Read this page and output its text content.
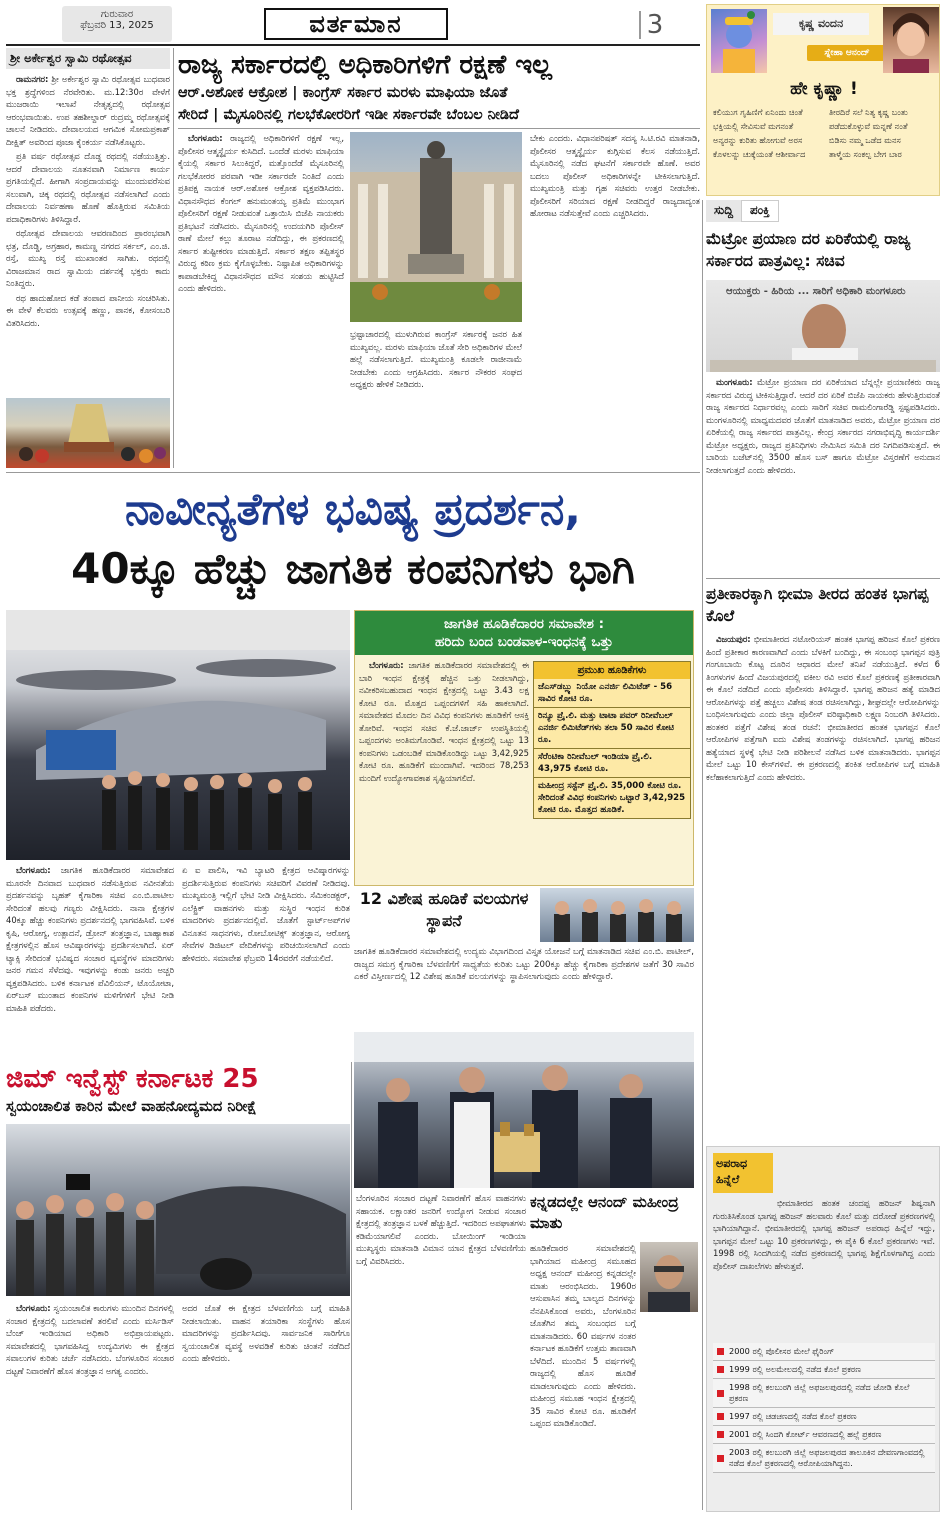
ಗುರುವಾರ
ಫೆಬ್ರವರಿ 13, 2025	ವರ್ತಮಾನ	3	ಕೃಷ್ಣ ವಂದನ
ಸ್ನೇಹಾ ಆನಂದ್
ಹೇ ಕೃಷ್ಣಾ !
ಕಲಿಯುಗ ಗೃಹಿಣಿಗೆ ಏನಿಂದು ಚಿಂತೆ	ತೀರದಿರೆ ಸಲೆ ನಿತ್ಯ ಕೃಷ್ಣ ಬಂತು
ಭಕ್ತಿಯಲ್ಲಿ ಸೇವಿಸುವೆ ಮಗನಂತೆ	ಪಡೆದುಕೊಳ್ಳುವೆ ಮನ್ನಣೆ ನಂತೆ
ಅನ್ಯರನ್ನು ಕುರಿತು ಹೋಗುವೆ ಅರಸ	ಬಿಡಿಸು ನಮ್ಮ ಒಡೆದ ಮನಸ
ಕೊಳಲನ್ನು ಚುಕ್ಕೆಯಂತೆ ಆಶೀರ್ವಾದ	ತಾಳ್ಮೆಯ ಸಂಕಲ್ಪ ಬೇಗ ಬಾರ
ಶ್ರೀ ಅರ್ಕೇಶ್ವರ ಸ್ವಾಮಿ ರಥೋತ್ಸವ

ರಾಮನಗರ: ಶ್ರೀ ಅರ್ಕೇಶ್ವರ ಸ್ವಾಮಿ ರಥೋತ್ಸವ ಬುಧವಾರ ಭಕ್ತ ಶ್ರದ್ಧೆಗಳಿಂದ ನೆರವೇರಿತು. ಮ.12:30ರ ವೇಳೆಗೆ ಮುಜರಾಯಿ ಇಲಾಖೆ ನೇತೃತ್ವದಲ್ಲಿ ರಥೋತ್ಸವ ಆರಂಭವಾಯಿತು. ಉಪ ತಹಶೀಲ್ದಾರ್ ರುದ್ರಮ್ಮ ರಥೋತ್ಸವಕ್ಕೆ ಚಾಲನೆ ನೀಡಿದರು. ದೇವಾಲಯದ ಆಗಮಿಕ ಸೋಮಪ್ರಕಾಶ್ ದೀಕ್ಷಿತ್ ಅವರಿಂದ ಪೂಜಾ ಕೈಂಕರ್ಯ ನಡೆಸಿಕೊಟ್ಟರು.

ಪ್ರತಿ ವರ್ಷ ರಥೋತ್ಸವ ದೊಡ್ಡ ರಥದಲ್ಲಿ ನಡೆಯುತ್ತಿತ್ತು. ಆದರೆ ದೇವಾಲಯ ನೂತನವಾಗಿ ನಿರ್ಮಾಣ ಕಾರ್ಯ ಪ್ರಗತಿಯಲ್ಲಿದೆ. ಹೀಗಾಗಿ ಸಂಪ್ರದಾಯವನ್ನು ಮುಂದುವರೆಸುವ ಸಲುವಾಗಿ, ಚಿಕ್ಕ ರಥದಲ್ಲಿ ರಥೋತ್ಸವ ನಡೆಸಲಾಗಿದೆ ಎಂದು ದೇವಾಲಯ ನಿರ್ವಹಣಾ ಹೊಣೆ ಹೊತ್ತಿರುವ ಸಮಿತಿಯ ಪದಾಧಿಕಾರಿಗಳು ತಿಳಿಸಿದ್ದಾರೆ.

ರಥೋತ್ಸವ ದೇವಾಲಯ ಆವರಣದಿಂದ ಪ್ರಾರಂಭವಾಗಿ ಛತ್ರ, ದೊಡ್ಡಿ, ಅಗ್ರಹಾರ, ಕಾಮಣ್ಣ ನಗರದ ಸರ್ಕಲ್, ಎಂ.ಜಿ. ರಸ್ತೆ, ಮುಖ್ಯ ರಸ್ತೆ ಮುಖಾಂತರ ಸಾಗಿತು. ರಥದಲ್ಲಿ ವಿರಾಜಮಾನ ರಾದ ಸ್ವಾಮಿಯ ದರ್ಶನಕ್ಕೆ ಭಕ್ತರು ಕಾದು ನಿಂತಿದ್ದರು.

ರಥ ಹಾದುಹೋದ ಕಡೆ ತಂಪಾದ ಪಾನೀಯ ಸಂಚರಿಸಿತು. ಈ ವೇಳೆ ಕೆಲವರು ಉತ್ಸವಕ್ಕೆ ಹಣ್ಣು, ಪಾನಕ, ಕೋಸಂಬರಿ ವಿತರಿಸಿದರು.

ರಾಜ್ಯ ಸರ್ಕಾರದಲ್ಲಿ ಅಧಿಕಾರಿಗಳಿಗೆ ರಕ್ಷಣೆ ಇಲ್ಲ
ಆರ್.ಅಶೋಕ ಆಕ್ರೋಶ | ಕಾಂಗ್ರೆಸ್ ಸರ್ಕಾರ ಮರಳು ಮಾಫಿಯಾ ಜೊತೆ
ಸೇರಿದೆ | ಮೈಸೂರಿನಲ್ಲಿ ಗಲಭೆಕೋರರಿಗೆ ಇಡೀ ಸರ್ಕಾರವೇ ಬೆಂಬಲ ನೀಡಿದೆ

ಬೆಂಗಳೂರು: ರಾಜ್ಯದಲ್ಲಿ ಅಧಿಕಾರಿಗಳಿಗೆ ರಕ್ಷಣೆ ಇಲ್ಲ, ಪೊಲೀಸರ ಆತ್ಮಸ್ಥೈರ್ಯ ಕುಸಿದಿದೆ. ಒಂದೆಡೆ ಮರಳು ಮಾಫಿಯಾ ಕೈಯಲ್ಲಿ ಸರ್ಕಾರ ಸಿಲುಕಿದ್ದರೆ, ಮತ್ತೊಂದೆಡೆ ಮೈಸೂರಿನಲ್ಲಿ ಗಲಭೆಕೋರರ ಪರವಾಗಿ ಇಡೀ ಸರ್ಕಾರವೇ ನಿಂತಿದೆ ಎಂದು ಪ್ರತಿಪಕ್ಷ ನಾಯಕ ಆರ್.ಅಶೋಕ ಆಕ್ರೋಶ ವ್ಯಕ್ತಪಡಿಸಿದರು. ವಿಧಾನಸೌಧದ ಕೆಂಗಲ್ ಹನುಮಂತಯ್ಯ ಪ್ರತಿಮೆ ಮುಂಭಾಗ ಪೊಲೀಸರಿಗೆ ರಕ್ಷಣೆ ನೀಡುವಂತೆ ಒತ್ತಾಯಿಸಿ ಬಿಜೆಪಿ ನಾಯಕರು ಪ್ರತಿಭಟನೆ ನಡೆಸಿದರು. ಮೈಸೂರಿನಲ್ಲಿ ಉದಯಗಿರಿ ಪೊಲೀಸ್ ಠಾಣೆ ಮೇಲೆ ಕಲ್ಲು ತೂರಾಟ ನಡೆದಿದ್ದು, ಈ ಪ್ರಕರಣದಲ್ಲಿ ಸರ್ಕಾರ ತುಷ್ಟೀಕರಣ ಮಾಡುತ್ತಿದೆ. ಸರ್ಕಾರ ತಕ್ಷಣ ತಪ್ಪಿತಸ್ಥರ ವಿರುದ್ಧ ಕಠಿಣ ಕ್ರಮ ಕೈಗೊಳ್ಳಬೇಕು. ನಿಷ್ಪಾಪಿತ ಅಧಿಕಾರಿಗಳನ್ನು ಕಾಪಾಡಬೇಕಿದ್ದ ವಿಧಾನಸೌಧದ ಮೌನ ಸಂಶಯ ಹುಟ್ಟಿಸಿದೆ ಎಂದು ಹೇಳಿದರು.

ಬೇಕು ಎಂದರು. ವಿಧಾನಪರಿಷತ್ ಸದಸ್ಯ ಸಿ.ಟಿ.ರವಿ ಮಾತನಾಡಿ, ಪೊಲೀಸರ ಆತ್ಮಸ್ಥೈರ್ಯ ಕುಗ್ಗಿಸುವ ಕೆಲಸ ನಡೆಯುತ್ತಿದೆ. ಮೈಸೂರಿನಲ್ಲಿ ನಡೆದ ಘಟನೆಗೆ ಸರ್ಕಾರವೇ ಹೊಣೆ. ಅವರ ಬದಲು ಪೊಲೀಸ್ ಅಧಿಕಾರಿಗಳನ್ನೇ ಟೀಕಿಸಲಾಗುತ್ತಿದೆ. ಮುಖ್ಯಮಂತ್ರಿ ಮತ್ತು ಗೃಹ ಸಚಿವರು ಉತ್ತರ ನೀಡಬೇಕು. ಪೊಲೀಸರಿಗೆ ಸರಿಯಾದ ರಕ್ಷಣೆ ನೀಡದಿದ್ದರೆ ರಾಜ್ಯದಾದ್ಯಂತ ಹೋರಾಟ ನಡೆಸುತ್ತೇವೆ ಎಂದು ಎಚ್ಚರಿಸಿದರು.
ಭ್ರಷ್ಟಾಚಾರದಲ್ಲಿ ಮುಳುಗಿರುವ ಕಾಂಗ್ರೆಸ್ ಸರ್ಕಾರಕ್ಕೆ ಜನರ ಹಿತ ಮುಖ್ಯವಲ್ಲ. ಮರಳು ಮಾಫಿಯಾ ಜೊತೆ ಸೇರಿ ಅಧಿಕಾರಿಗಳ ಮೇಲೆ ಹಲ್ಲೆ ನಡೆಸಲಾಗುತ್ತಿದೆ. ಮುಖ್ಯಮಂತ್ರಿ ಕೂಡಲೇ ರಾಜೀನಾಮೆ ನೀಡಬೇಕು ಎಂದು ಆಗ್ರಹಿಸಿದರು. ಸರ್ಕಾರ ನೌಕರರ ಸಂಘದ ಅಧ್ಯಕ್ಷರು ಹೇಳಿಕೆ ನೀಡಿದರು.
ಸುದ್ದಿ	ಪಂಕ್ತಿ
ಮೆಟ್ರೋ ಪ್ರಯಾಣ ದರ ಏರಿಕೆಯಲ್ಲಿ ರಾಜ್ಯ ಸರ್ಕಾರದ ಪಾತ್ರವಿಲ್ಲ: ಸಚಿವ
ಆಯುಕ್ತರು - ಹಿರಿಯ ... ಸಾರಿಗೆ ಅಧಿಕಾರಿ ಮಂಗಳೂರು

ಮಂಗಳೂರು: ಮೆಟ್ರೋ ಪ್ರಯಾಣ ದರ ಏರಿಕೆಯಾದ ಬೆನ್ನಲ್ಲೇ ಪ್ರಯಾಣಿಕರು ರಾಜ್ಯ ಸರ್ಕಾರದ ವಿರುದ್ಧ ಟೀಕಿಸುತ್ತಿದ್ದಾರೆ. ಆದರೆ ದರ ಏರಿಕೆ ಬಿಜೆಪಿ ನಾಯಕರು ಹೇಳುತ್ತಿರುವಂತೆ ರಾಜ್ಯ ಸರ್ಕಾರದ ನಿರ್ಧಾರವಲ್ಲ ಎಂದು ಸಾರಿಗೆ ಸಚಿವ ರಾಮಲಿಂಗಾರೆಡ್ಡಿ ಸ್ಪಷ್ಟಪಡಿಸಿದರು. ಮಂಗಳೂರಿನಲ್ಲಿ ಮಾಧ್ಯಮದವರ ಜೊತೆಗೆ ಮಾತನಾಡಿದ ಅವರು, ಮೆಟ್ರೋ ಪ್ರಯಾಣ ದರ ಏರಿಕೆಯಲ್ಲಿ ರಾಜ್ಯ ಸರ್ಕಾರದ ಪಾತ್ರವಿಲ್ಲ. ಕೇಂದ್ರ ಸರ್ಕಾರದ ನಗರಾಭಿವೃದ್ಧಿ ಕಾರ್ಯದರ್ಶಿ ಮೆಟ್ರೋ ಅಧ್ಯಕ್ಷರು, ರಾಜ್ಯದ ಪ್ರತಿನಿಧಿಗಳು ನೇಮಿಸಿದ ಸಮಿತಿ ದರ ನಿಗದಿಪಡಿಸುತ್ತದೆ. ಈ ಬಾರಿಯ ಬಜೆಟ್‌ನಲ್ಲಿ 3500 ಹೊಸ ಬಸ್ ಹಾಗೂ ಮೆಟ್ರೋ ವಿಸ್ತರಣೆಗೆ ಅನುದಾನ ನೀಡಲಾಗುತ್ತದೆ ಎಂದು ಹೇಳಿದರು.

ನಾವೀನ್ಯತೆಗಳ ಭವಿಷ್ಯ ಪ್ರದರ್ಶನ,
40ಕ್ಕೂ ಹೆಚ್ಚು ಜಾಗತಿಕ ಕಂಪನಿಗಳು ಭಾಗಿ
ಜಾಗತಿಕ ಹೂಡಿಕೆದಾರರ ಸಮಾವೇಶ :
ಹರಿದು ಬಂದ ಬಂಡವಾಳ-ಇಂಧನಕ್ಕೆ ಒತ್ತು

ಬೆಂಗಳೂರು: ಜಾಗತಿಕ ಹೂಡಿಕೆದಾರರ ಸಮಾವೇಶದಲ್ಲಿ ಈ ಬಾರಿ ಇಂಧನ ಕ್ಷೇತ್ರಕ್ಕೆ ಹೆಚ್ಚಿನ ಒತ್ತು ನೀಡಲಾಗಿದ್ದು, ನವೀಕರಿಸಬಹುದಾದ ಇಂಧನ ಕ್ಷೇತ್ರದಲ್ಲಿ ಒಟ್ಟು 3.43 ಲಕ್ಷ ಕೋಟಿ ರೂ. ಮೊತ್ತದ ಒಪ್ಪಂದಗಳಿಗೆ ಸಹಿ ಹಾಕಲಾಗಿದೆ. ಸಮಾವೇಶದ ಮೊದಲ ದಿನ ವಿವಿಧ ಕಂಪನಿಗಳು ಹೂಡಿಕೆಗೆ ಆಸಕ್ತಿ ತೋರಿವೆ. ಇಂಧನ ಸಚಿವ ಕೆ.ಜೆ.ಜಾರ್ಜ್ ಉಪಸ್ಥಿತಿಯಲ್ಲಿ ಒಪ್ಪಂದಗಳು ಅಂತಿಮಗೊಂಡಿವೆ. ಇಂಧನ ಕ್ಷೇತ್ರದಲ್ಲಿ ಒಟ್ಟು 13 ಕಂಪನಿಗಳು ಒಡಂಬಡಿಕೆ ಮಾಡಿಕೊಂಡಿದ್ದು ಒಟ್ಟು 3,42,925 ಕೋಟಿ ರೂ. ಹೂಡಿಕೆಗೆ ಮುಂದಾಗಿವೆ. ಇದರಿಂದ 78,253 ಮಂದಿಗೆ ಉದ್ಯೋಗಾವಕಾಶ ಸೃಷ್ಟಿಯಾಗಲಿದೆ.

ಪ್ರಮುಖ ಹೂಡಿಕೆಗಳು
ಜೆಎಸ್‌ಡಬ್ಲ್ಯು ನಿಯೋ ಎನರ್ಜಿ ಲಿಮಿಟೆಡ್ - 56 ಸಾವಿರ ಕೋಟಿ ರೂ.
ರಿನ್ಯೂ ಪ್ರೈ.ಲಿ. ಮತ್ತು ಟಾಟಾ ಪವರ್ ರಿನೀವೆಬಲ್ ಎನರ್ಜಿ ಲಿಮಿಟೆಡ್‌ಗಳು ತಲಾ 50 ಸಾವಿರ ಕೋಟಿ ರೂ.
ಸೆರೆಂಟಿಕಾ ರಿನೀವೆಬಲ್ ಇಂಡಿಯಾ ಪ್ರೈ.ಲಿ. 43,975 ಕೋಟಿ ರೂ.
ಮಹೀಂದ್ರ ಸಸ್ಟೆನ್ ಪ್ರೈ.ಲಿ. 35,000 ಕೋಟಿ ರೂ. ಸೇರಿದಂತೆ ವಿವಿಧ ಕಂಪನಿಗಳು ಒಟ್ಟಾರೆ 3,42,925 ಕೋಟಿ ರೂ. ಮೊತ್ತದ ಹೂಡಿಕೆ.

ಬೆಂಗಳೂರು: ಜಾಗತಿಕ ಹೂಡಿಕೆದಾರರ ಸಮಾವೇಶದ ಮೂರನೇ ದಿನವಾದ ಬುಧವಾರ ನಡೆಸುತ್ತಿರುವ ನವೀನತೆಯ ಪ್ರದರ್ಶನವನ್ನು ಬೃಹತ್ ಕೈಗಾರಿಕಾ ಸಚಿವ ಎಂ.ಬಿ.ಪಾಟೀಲ ಸೇರಿದಂತೆ ಹಲವು ಗಣ್ಯರು ವೀಕ್ಷಿಸಿದರು. ನಾನಾ ಕ್ಷೇತ್ರಗಳ 40ಕ್ಕೂ ಹೆಚ್ಚು ಕಂಪನಿಗಳು ಪ್ರದರ್ಶನದಲ್ಲಿ ಭಾಗವಹಿಸಿವೆ. ಬಳಿಕ ಕೃಷಿ, ಆರೋಗ್ಯ, ಉತ್ಪಾದನೆ, ಡ್ರೋನ್ ತಂತ್ರಜ್ಞಾನ, ಬಾಹ್ಯಾಕಾಶ ಕ್ಷೇತ್ರಗಳಲ್ಲಿನ ಹೊಸ ಆವಿಷ್ಕಾರಗಳನ್ನು ಪ್ರದರ್ಶಿಸಲಾಗಿದೆ. ಏರ್ ಟ್ಯಾಕ್ಸಿ ಸೇರಿದಂತೆ ಭವಿಷ್ಯದ ಸಂಚಾರ ವ್ಯವಸ್ಥೆಗಳ ಮಾದರಿಗಳು ಜನರ ಗಮನ ಸೆಳೆದವು. ಇವುಗಳನ್ನು ಕಂಡು ಜನರು ಅಚ್ಚರಿ ವ್ಯಕ್ತಪಡಿಸಿದರು. ಬಳಿಕ ಕರ್ನಾಟಕ ಪೆವಿಲಿಯನ್, ಟೊಯೋಟಾ, ಏರ್‌ಬಸ್ ಮುಂತಾದ ಕಂಪನಿಗಳ ಮಳಿಗೆಗಳಿಗೆ ಭೇಟಿ ನೀಡಿ ಮಾಹಿತಿ ಪಡೆದರು.

ಏ ಐ ಪಾಲಿಸಿ, ಇವಿ ಬ್ಯಾಟರಿ ಕ್ಷೇತ್ರದ ಆವಿಷ್ಕಾರಗಳನ್ನು ಪ್ರದರ್ಶಿಸುತ್ತಿರುವ ಕಂಪನಿಗಳು ಸಚಿವರಿಗೆ ವಿವರಣೆ ನೀಡಿದವು. ಮುಖ್ಯಮಂತ್ರಿ ಇಲ್ಲಿಗೆ ಭೇಟಿ ನೀಡಿ ವೀಕ್ಷಿಸಿದರು. ಸೆಮಿಕಂಡಕ್ಟರ್, ಎಲೆಕ್ಟ್ರಿಕ್ ವಾಹನಗಳು ಮತ್ತು ಸುಸ್ಥಿರ ಇಂಧನ ಕುರಿತ ಮಾದರಿಗಳು ಪ್ರದರ್ಶನದಲ್ಲಿವೆ. ಜೊತೆಗೆ ಸ್ಟಾರ್ಟ್‌ಅಪ್‌ಗಳ ವಿನೂತನ ಸಾಧನಗಳು, ರೋಬೋಟಿಕ್ಸ್ ತಂತ್ರಜ್ಞಾನ, ಆರೋಗ್ಯ ಸೇವೆಗಳ ಡಿಜಿಟಲ್ ವೇದಿಕೆಗಳನ್ನು ಪರಿಚಯಿಸಲಾಗಿದೆ ಎಂದು ಹೇಳಿದರು. ಸಮಾವೇಶ ಫೆಬ್ರವರಿ 14ರವರೆಗೆ ನಡೆಯಲಿದೆ.
12 ವಿಶೇಷ ಹೂಡಿಕೆ ವಲಯಗಳ ಸ್ಥಾಪನೆ
ಜಾಗತಿಕ ಹೂಡಿಕೆದಾರರ ಸಮಾವೇಶದಲ್ಲಿ ಉದ್ಯಮ ವಿಭಾಗದಿಂದ ವಿಸ್ತೃತ ಯೋಜನೆ ಬಗ್ಗೆ ಮಾತನಾಡಿದ ಸಚಿವ ಎಂ.ಬಿ. ಪಾಟೀಲ್, ರಾಜ್ಯದ ಸಮಗ್ರ ಕೈಗಾರಿಕಾ ಬೆಳವಣಿಗೆಗೆ ಸಾಧ್ಯತೆಯ ಕುರಿತು ಒಟ್ಟು 200ಕ್ಕೂ ಹೆಚ್ಚು ಕೈಗಾರಿಕಾ ಪ್ರದೇಶಗಳ ಜತೆಗೆ 30 ಸಾವಿರ ಎಕರೆ ವಿಸ್ತೀರ್ಣದಲ್ಲಿ 12 ವಿಶೇಷ ಹೂಡಿಕೆ ವಲಯಗಳನ್ನು ಸ್ಥಾಪಿಸಲಾಗುವುದು ಎಂದು ಹೇಳಿದ್ದಾರೆ.
ಪ್ರತೀಕಾರಕ್ಕಾಗಿ ಭೀಮಾ ತೀರದ ಹಂತಕ ಭಾಗಪ್ಪ ಕೊಲೆ

ವಿಜಯಪುರ: ಭೀಮಾತೀರದ ನಟೋರಿಯಸ್ ಹಂತಕ ಭಾಗಪ್ಪ ಹರಿಜನ ಕೊಲೆ ಪ್ರಕರಣ ಹಿಂದೆ ಪ್ರತೀಕಾರ ಕಾರಣವಾಗಿದೆ ಎಂದು ಬೆಳಕಿಗೆ ಬಂದಿದ್ದು, ಈ ಸಂಬಂಧ ಭಾಗಪ್ಪನ ಪುತ್ರಿ ಗಂಗೂಬಾಯಿ ಕೊಟ್ಟ ದೂರಿನ ಆಧಾರದ ಮೇಲೆ ತನಿಖೆ ನಡೆಯುತ್ತಿದೆ. ಕಳೆದ 6 ತಿಂಗಳುಗಳ ಹಿಂದೆ ವಿಜಯಪುರದಲ್ಲಿ ವಕೀಲ ರವಿ ಅವರ ಕೊಲೆ ಪ್ರಕರಣಕ್ಕೆ ಪ್ರತೀಕಾರವಾಗಿ ಈ ಕೊಲೆ ನಡೆದಿದೆ ಎಂದು ಪೊಲೀಸರು ತಿಳಿಸಿದ್ದಾರೆ. ಭಾಗಪ್ಪ ಹರಿಜನ ಹತ್ಯೆ ಮಾಡಿದ ಆರೋಪಿಗಳನ್ನು ಪತ್ತೆ ಹಚ್ಚಲು ವಿಶೇಷ ತಂಡ ರಚಿಸಲಾಗಿದ್ದು, ಶೀಘ್ರದಲ್ಲೇ ಆರೋಪಿಗಳನ್ನು ಬಂಧಿಸಲಾಗುವುದು ಎಂದು ಜಿಲ್ಲಾ ಪೊಲೀಸ್ ವರಿಷ್ಠಾಧಿಕಾರಿ ಲಕ್ಷ್ಮಣ ನಿಂಬರಗಿ ತಿಳಿಸಿದರು. ಹಂತಕರ ಪತ್ತೆಗೆ ವಿಶೇಷ ತಂಡ ರಚನೆ: ಭೀಮಾತೀರದ ಹಂತಕ ಭಾಗಪ್ಪನ ಕೊಲೆ ಆರೋಪಿಗಳ ಪತ್ತೆಗಾಗಿ ಐದು ವಿಶೇಷ ತಂಡಗಳನ್ನು ರಚಿಸಲಾಗಿದೆ. ಭಾಗಪ್ಪ ಹರಿಜನ ಹತ್ಯೆಯಾದ ಸ್ಥಳಕ್ಕೆ ಭೇಟಿ ನೀಡಿ ಪರಿಶೀಲನೆ ನಡೆಸಿದ ಬಳಿಕ ಮಾತನಾಡಿದರು. ಭಾಗಪ್ಪನ ಮೇಲೆ ಒಟ್ಟು 10 ಕೇಸ್‌ಗಳಿವೆ. ಈ ಪ್ರಕರಣದಲ್ಲಿ ಶಂಕಿತ ಆರೋಪಿಗಳ ಬಗ್ಗೆ ಮಾಹಿತಿ ಕಲೆಹಾಕಲಾಗುತ್ತಿದೆ ಎಂದು ಹೇಳಿದರು.

ಅಪರಾಧ
ಹಿನ್ನೆಲೆ
ಭೀಮಾತೀರದ ಹಂತಕ ಚಂದಪ್ಪ ಹರಿಜನ್ ಶಿಷ್ಯನಾಗಿ ಗುರುತಿಸಿಕೊಂಡ ಭಾಗಪ್ಪ ಹರಿಜನ್ ಹಲವಾರು ಕೊಲೆ ಮತ್ತು ದರೋಡೆ ಪ್ರಕರಣಗಳಲ್ಲಿ ಭಾಗಿಯಾಗಿದ್ದಾನೆ. ಭೀಮಾತೀರದಲ್ಲಿ ಭಾಗಪ್ಪ ಹರಿಜನ್ ಅಪರಾಧ ಹಿನ್ನೆಲೆ ಇದ್ದು, ಭಾಗಪ್ಪನ ಮೇಲೆ ಒಟ್ಟು 10 ಪ್ರಕರಣಗಳಿದ್ದು, ಈ ಪೈಕಿ 6 ಕೊಲೆ ಪ್ರಕರಣಗಳು ಇವೆ. 1998 ರಲ್ಲಿ ಸಿಂದಗಿಯಲ್ಲಿ ನಡೆದ ಪ್ರಕರಣದಲ್ಲಿ ಭಾಗಪ್ಪ ಶಿಕ್ಷೆಗೊಳಗಾಗಿದ್ದ ಎಂದು ಪೊಲೀಸ್ ದಾಖಲೆಗಳು ಹೇಳುತ್ತವೆ.
2000 ರಲ್ಲಿ ಪೊಲೀಸರ ಮೇಲೆ ಫೈರಿಂಗ್
1999 ರಲ್ಲಿ ಅಲಮೇಲದಲ್ಲಿ ನಡೆದ ಕೊಲೆ ಪ್ರಕರಣ
1998 ರಲ್ಲಿ ಕಲಬುರಗಿ ಜಿಲ್ಲೆ ಅಫಜಲಪುರದಲ್ಲಿ ನಡೆದ ಜೋಡಿ ಕೊಲೆ ಪ್ರಕರಣ
1997 ರಲ್ಲಿ ಚಡಚಣದಲ್ಲಿ ನಡೆದ ಕೊಲೆ ಪ್ರಕರಣ
2001 ರಲ್ಲಿ ಸಿಂದಗಿ ಕೋರ್ಟ್ ಆವರಣದಲ್ಲಿ ಹಲ್ಲೆ ಪ್ರಕರಣ
2003 ರಲ್ಲಿ ಕಲಬುರಗಿ ಜಿಲ್ಲೆ ಅಫಜಲಪುರದ ತಾಲೂಕಿನ ದೇವಣಗಾಂವದಲ್ಲಿ ನಡೆದ ಕೊಲೆ ಪ್ರಕರಣದಲ್ಲಿ ಆರೋಪಿಯಾಗಿದ್ದನು.
ಜಿಮ್ ಇನ್ವೆಸ್ಟ್ ಕರ್ನಾಟಕ 25
ಸ್ವಯಂಚಾಲಿತ ಕಾರಿನ ಮೇಲೆ ವಾಹನೋದ್ಯಮದ ನಿರೀಕ್ಷೆ

ಬೆಂಗಳೂರು: ಸ್ವಯಂಚಾಲಿತ ಕಾರುಗಳು ಮುಂದಿನ ದಿನಗಳಲ್ಲಿ ಸಂಚಾರ ಕ್ಷೇತ್ರದಲ್ಲಿ ಬದಲಾವಣೆ ತರಲಿವೆ ಎಂದು ಮರ್ಸಿಡಿಸ್ ಬೆಂಜ್ ಇಂಡಿಯಾದ ಅಧಿಕಾರಿ ಅಭಿಪ್ರಾಯಪಟ್ಟರು. ಸಮಾವೇಶದಲ್ಲಿ ಭಾಗವಹಿಸಿದ್ದ ಉದ್ಯಮಿಗಳು ಈ ಕ್ಷೇತ್ರದ ಸವಾಲುಗಳ ಕುರಿತು ಚರ್ಚೆ ನಡೆಸಿದರು. ಬೆಂಗಳೂರಿನ ಸಂಚಾರ ದಟ್ಟಣೆ ನಿವಾರಣೆಗೆ ಹೊಸ ತಂತ್ರಜ್ಞಾನ ಅಗತ್ಯ ಎಂದರು.

ಅದರ ಜೊತೆ ಈ ಕ್ಷೇತ್ರದ ಬೆಳವಣಿಗೆಯ ಬಗ್ಗೆ ಮಾಹಿತಿ ನೀಡಲಾಯಿತು. ವಾಹನ ತಯಾರಿಕಾ ಸಂಸ್ಥೆಗಳು ಹೊಸ ಮಾದರಿಗಳನ್ನು ಪ್ರದರ್ಶಿಸಿದವು. ಸಾರ್ವಜನಿಕ ಸಾರಿಗೆಗೂ ಸ್ವಯಂಚಾಲಿತ ವ್ಯವಸ್ಥೆ ಅಳವಡಿಕೆ ಕುರಿತು ಚಿಂತನೆ ನಡೆದಿದೆ ಎಂದು ಹೇಳಿದರು.
ಬೆಂಗಳೂರಿನ ಸಂಚಾರ ದಟ್ಟಣೆ ನಿವಾರಣೆಗೆ ಹೊಸ ವಾಹನಗಳು ಸಹಾಯಕ. ಲಕ್ಷಾಂತರ ಜನರಿಗೆ ಉದ್ಯೋಗ ನೀಡುವ ಸಂಚಾರ ಕ್ಷೇತ್ರದಲ್ಲಿ ತಂತ್ರಜ್ಞಾನ ಬಳಕೆ ಹೆಚ್ಚುತ್ತಿದೆ. ಇದರಿಂದ ಅಪಘಾತಗಳು ಕಡಿಮೆಯಾಗಲಿವೆ ಎಂದರು. ಬೋಯಿಂಗ್ ಇಂಡಿಯಾ ಮುಖ್ಯಸ್ಥರು ಮಾತನಾಡಿ ವಿಮಾನ ಯಾನ ಕ್ಷೇತ್ರದ ಬೆಳವಣಿಗೆಯ ಬಗ್ಗೆ ವಿವರಿಸಿದರು.
ಕನ್ನಡದಲ್ಲೇ ಆನಂದ್ ಮಹೀಂದ್ರ ಮಾತು
ಹೂಡಿಕೆದಾರರ ಸಮಾವೇಶದಲ್ಲಿ ಭಾಗಿಯಾದ ಮಹೀಂದ್ರ ಸಮೂಹದ ಅಧ್ಯಕ್ಷ ಆನಂದ್ ಮಹೀಂದ್ರ ಕನ್ನಡದಲ್ಲೇ ಮಾತು ಆರಂಭಿಸಿದರು. 1960ರ ಆಸುಪಾಸಿನ ತಮ್ಮ ಬಾಲ್ಯದ ದಿನಗಳನ್ನು ನೆನಪಿಸಿಕೊಂಡ ಅವರು, ಬೆಂಗಳೂರಿನ ಜೊತೆಗಿನ ತಮ್ಮ ಸಂಬಂಧದ ಬಗ್ಗೆ ಮಾತನಾಡಿದರು. 60 ವರ್ಷಗಳ ನಂತರ ಕರ್ನಾಟಕ ಹೂಡಿಕೆಗೆ ಉತ್ತಮ ತಾಣವಾಗಿ ಬೆಳೆದಿದೆ. ಮುಂದಿನ 5 ವರ್ಷಗಳಲ್ಲಿ ರಾಜ್ಯದಲ್ಲಿ ಹೊಸ ಹೂಡಿಕೆ ಮಾಡಲಾಗುವುದು ಎಂದು ಹೇಳಿದರು. ಮಹೀಂದ್ರ ಸಮೂಹ ಇಂಧನ ಕ್ಷೇತ್ರದಲ್ಲಿ 35 ಸಾವಿರ ಕೋಟಿ ರೂ. ಹೂಡಿಕೆಗೆ ಒಪ್ಪಂದ ಮಾಡಿಕೊಂಡಿದೆ.
